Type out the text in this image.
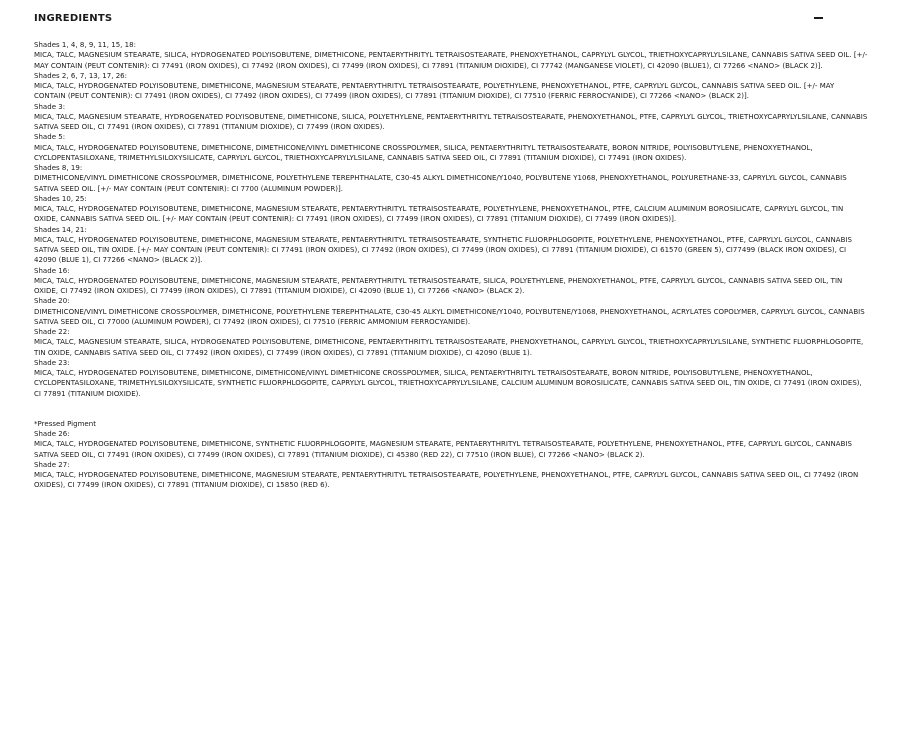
INGREDIENTS
Shades 1, 4, 8, 9, 11, 15, 18:
MICA, TALC, MAGNESIUM STEARATE, SILICA, HYDROGENATED POLYISOBUTENE, DIMETHICONE, PENTAERYTHRITYL TETRAISOSTEARATE, PHENOXYETHANOL, CAPRYLYL GLYCOL, TRIETHOXYCAPRYLYLSILANE, CANNABIS SATIVA SEED OIL. [+/- MAY CONTAIN (PEUT CONTENIR): CI 77491 (IRON OXIDES), CI 77492 (IRON OXIDES), CI 77499 (IRON OXIDES), CI 77891 (TITANIUM DIOXIDE), CI 77742 (MANGANESE VIOLET), CI 42090 (BLUE1), CI 77266 <NANO> (BLACK 2)].
Shades 2, 6, 7, 13, 17, 26:
MICA, TALC, HYDROGENATED POLYISOBUTENE, DIMETHICONE, MAGNESIUM STEARATE, PENTAERYTHRITYL TETRAISOSTEARATE, POLYETHYLENE, PHENOXYETHANOL, PTFE, CAPRYLYL GLYCOL, CANNABIS SATIVA SEED OIL. [+/- MAY CONTAIN (PEUT CONTENIR): CI 77491 (IRON OXIDES), CI 77492 (IRON OXIDES), CI 77499 (IRON OXIDES), CI 77891 (TITANIUM DIOXIDE), CI 77510 (FERRIC FERROCYANIDE), CI 77266 <NANO> (BLACK 2)].
Shade 3:
MICA, TALC, MAGNESIUM STEARATE, HYDROGENATED POLYISOBUTENE, DIMETHICONE, SILICA, POLYETHYLENE, PENTAERYTHRITYL TETRAISOSTEARATE, PHENOXYETHANOL, PTFE, CAPRYLYL GLYCOL, TRIETHOXYCAPRYLYLSILANE, CANNABIS SATIVA SEED OIL, CI 77491 (IRON OXIDES), CI 77891 (TITANIUM DIOXIDE), CI 77499 (IRON OXIDES).
Shade 5:
MICA, TALC, HYDROGENATED POLYISOBUTENE, DIMETHICONE, DIMETHICONE/VINYL DIMETHICONE CROSSPOLYMER, SILICA, PENTAERYTHRITYL TETRAISOSTEARATE, BORON NITRIDE, POLYISOBUTYLENE, PHENOXYETHANOL, CYCLOPENTASILOXANE, TRIMETHYLSILOXYSILICATE, CAPRYLYL GLYCOL, TRIETHOXYCAPRYLYLSILANE, CANNABIS SATIVA SEED OIL, CI 77891 (TITANIUM DIOXIDE), CI 77491 (IRON OXIDES).
Shades 8, 19:
DIMETHICONE/VINYL DIMETHICONE CROSSPOLYMER, DIMETHICONE, POLYETHYLENE TEREPHTHALATE, C30-45 ALKYL DIMETHICONE/Y1040, POLYBUTENE Y1068, PHENOXYETHANOL, POLYURETHANE-33, CAPRYLYL GLYCOL, CANNABIS SATIVA SEED OIL. [+/- MAY CONTAIN (PEUT CONTENIR): CI 7700 (ALUMINUM POWDER)].
Shades 10, 25:
MICA, TALC, HYDROGENATED POLYISOBUTENE, DIMETHICONE, MAGNESIUM STEARATE, PENTAERYTHRITYL TETRAISOSTEARATE, POLYETHYLENE, PHENOXYETHANOL, PTFE, CALCIUM ALUMINUM BOROSILICATE, CAPRYLYL GLYCOL, TIN OXIDE, CANNABIS SATIVA SEED OIL. [+/- MAY CONTAIN (PEUT CONTENIR): CI 77491 (IRON OXIDES), CI 77499 (IRON OXIDES), CI 77891 (TITANIUM DIOXIDE), CI 77499 (IRON OXIDES)].
Shades 14, 21:
MICA, TALC, HYDROGENATED POLYISOBUTENE, DIMETHICONE, MAGNESIUM STEARATE, PENTAERYTHRITYL TETRAISOSTEARATE, SYNTHETIC FLUORPHLOGOPITE, POLYETHYLENE, PHENOXYETHANOL, PTFE, CAPRYLYL GLYCOL, CANNABIS SATIVA SEED OIL, TIN OXIDE. [+/- MAY CONTAIN (PEUT CONTENIR): CI 77491 (IRON OXIDES), CI 77492 (IRON OXIDES), CI 77499 (IRON OXIDES), CI 77891 (TITANIUM DIOXIDE), CI 61570 (GREEN 5), CI77499 (BLACK IRON OXIDES), CI 42090 (BLUE 1), CI 77266 <NANO> (BLACK 2)].
Shade 16:
MICA, TALC, HYDROGENATED POLYISOBUTENE, DIMETHICONE, MAGNESIUM STEARATE, PENTAERYTHRITYL TETRAISOSTEARATE, SILICA, POLYETHYLENE, PHENOXYETHANOL, PTFE, CAPRYLYL GLYCOL, CANNABIS SATIVA SEED OIL, TIN OXIDE, CI 77492 (IRON OXIDES), CI 77499 (IRON OXIDES), CI 77891 (TITANIUM DIOXIDE), CI 42090 (BLUE 1), CI 77266 <NANO> (BLACK 2).
Shade 20:
DIMETHICONE/VINYL DIMETHICONE CROSSPOLYMER, DIMETHICONE, POLYETHYLENE TEREPHTHALATE, C30-45 ALKYL DIMETHICONE/Y1040, POLYBUTENE/Y1068, PHENOXYETHANOL, ACRYLATES COPOLYMER, CAPRYLYL GLYCOL, CANNABIS SATIVA SEED OIL, CI 77000 (ALUMINUM POWDER), CI 77492 (IRON OXIDES), CI 77510 (FERRIC AMMONIUM FERROCYANIDE).
Shade 22:
MICA, TALC, MAGNESIUM STEARATE, SILICA, HYDROGENATED POLYISOBUTENE, DIMETHICONE, PENTAERYTHRITYL TETRAISOSTEARATE, PHENOXYETHANOL, CAPRYLYL GLYCOL, TRIETHOXYCAPRYLYLSILANE, SYNTHETIC FLUORPHLOGOPITE, TIN OXIDE, CANNABIS SATIVA SEED OIL, CI 77492 (IRON OXIDES), CI 77499 (IRON OXIDES), CI 77891 (TITANIUM DIOXIDE), CI 42090 (BLUE 1).
Shade 23:
MICA, TALC, HYDROGENATED POLYISOBUTENE, DIMETHICONE, DIMETHICONE/VINYL DIMETHICONE CROSSPOLYMER, SILICA, PENTAERYTHRITYL TETRAISOSTEARATE, BORON NITRIDE, POLYISOBUTYLENE, PHENOXYETHANOL, CYCLOPENTASILOXANE, TRIMETHYLSILOXYSILICATE, SYNTHETIC FLUORPHLOGOPITE, CAPRYLYL GLYCOL, TRIETHOXYCAPRYLYLSILANE, CALCIUM ALUMINUM BOROSILICATE, CANNABIS SATIVA SEED OIL, TIN OXIDE, CI 77491 (IRON OXIDES), CI 77891 (TITANIUM DIOXIDE).
*Pressed Pigment
Shade 26:
MICA, TALC, HYDROGENATED POLYISOBUTENE, DIMETHICONE, SYNTHETIC FLUORPHLOGOPITE, MAGNESIUM STEARATE, PENTAERYTHRITYL TETRAISOSTEARATE, POLYETHYLENE, PHENOXYETHANOL, PTFE, CAPRYLYL GLYCOL, CANNABIS SATIVA SEED OIL, CI 77491 (IRON OXIDES), CI 77499 (IRON OXIDES), CI 77891 (TITANIUM DIOXIDE), CI 45380 (RED 22), CI 77510 (IRON BLUE), CI 77266 <NANO> (BLACK 2).
Shade 27:
MICA, TALC, HYDROGENATED POLYISOBUTENE, DIMETHICONE, MAGNESIUM STEARATE, PENTAERYTHRITYL TETRAISOSTEARATE, POLYETHYLENE, PHENOXYETHANOL, PTFE, CAPRYLYL GLYCOL, CANNABIS SATIVA SEED OIL, CI 77492 (IRON OXIDES), CI 77499 (IRON OXIDES), CI 77891 (TITANIUM DIOXIDE), CI 15850 (RED 6).
